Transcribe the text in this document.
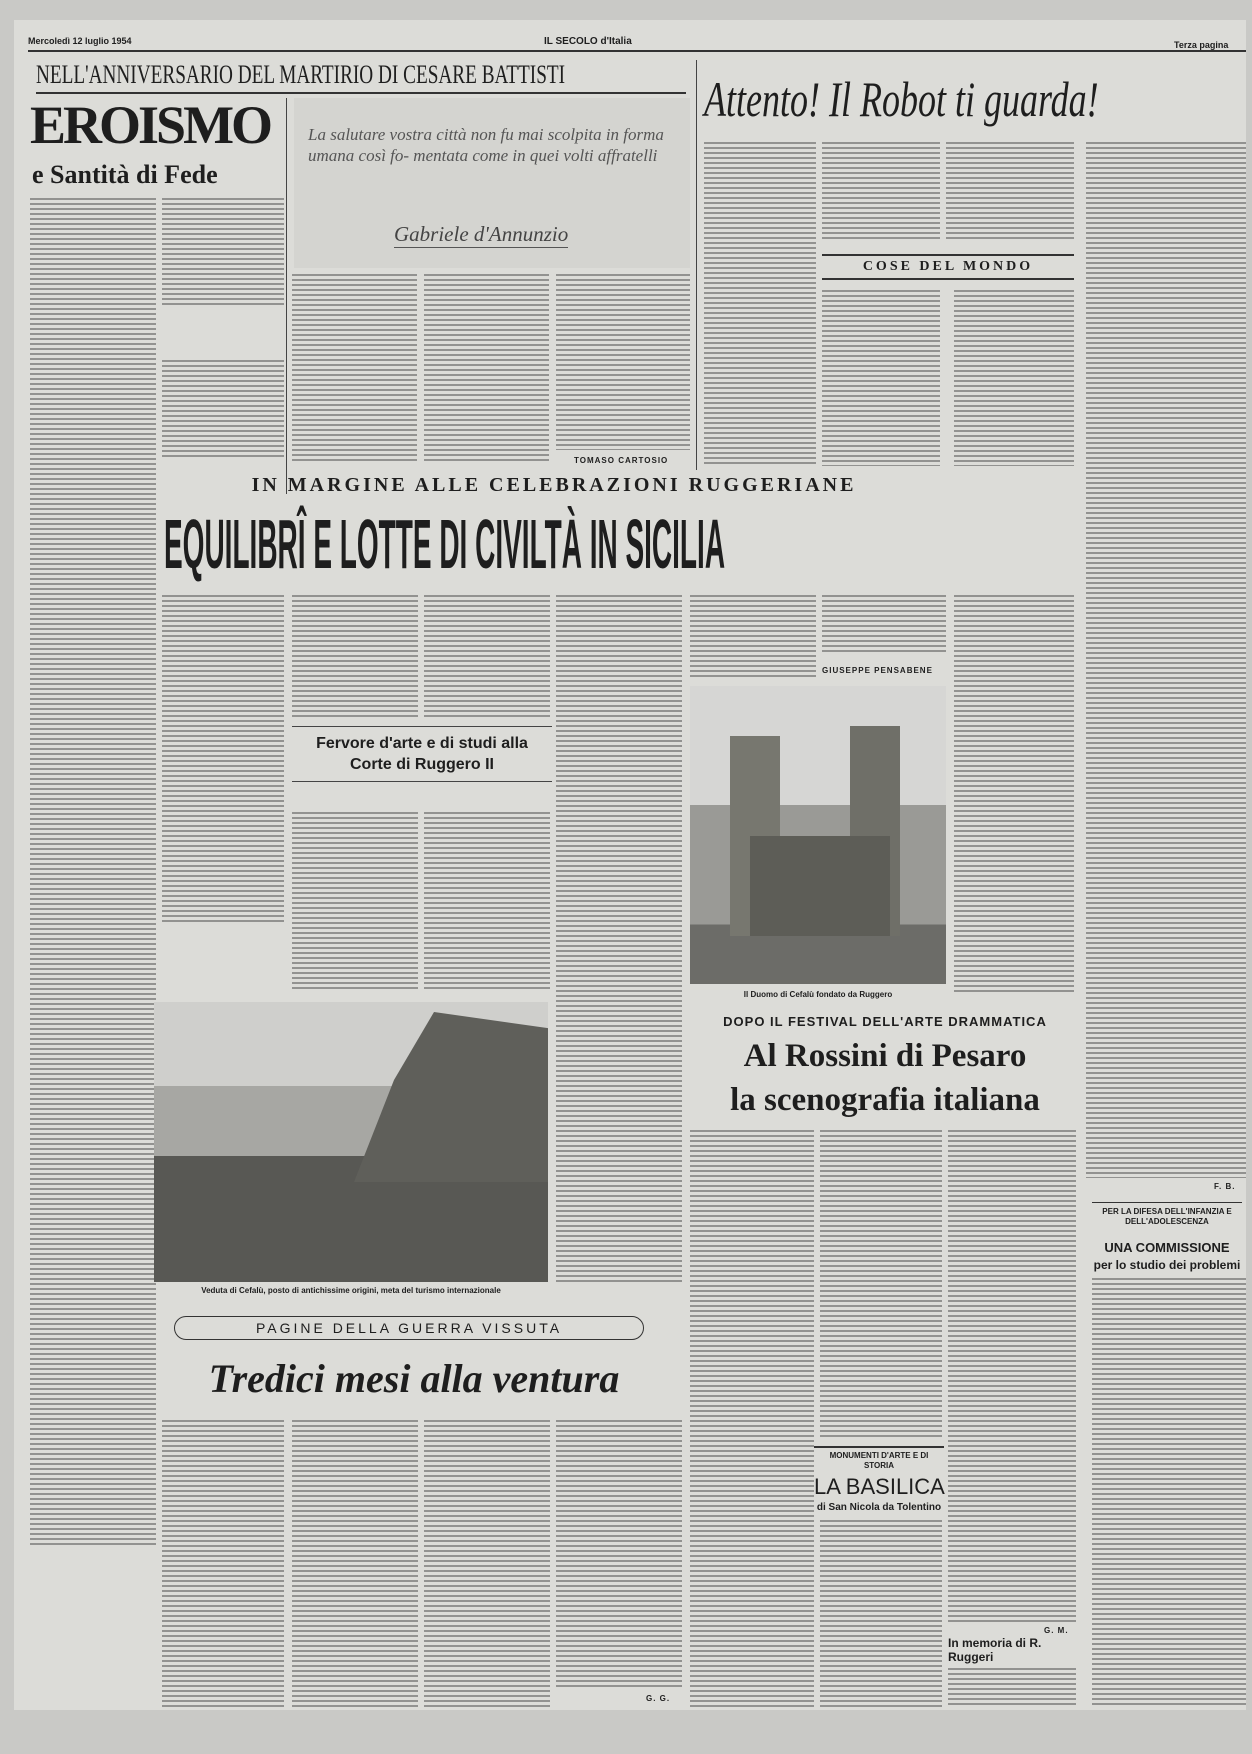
Mercoledì 12 luglio 1954	IL SECOLO d'Italia	Terza pagina
NELL'ANNIVERSARIO DEL MARTIRIO DI CESARE BATTISTI
EROISMO
e Santità di Fede
La salutare vostra città non fu mai scolpita in forma umana così fo- mentata come in quei volti affratelli
Gabriele d'Annunzio
TOMASO CARTOSIO
Attento! Il Robot ti guarda!
COSE DEL MONDO
F. B.
IN MARGINE ALLE CELEBRAZIONI RUGGERIANE
EQUILIBRÎ E LOTTE DI CIVILTÀ IN SICILIA
Fervore d'arte e di studi alla Corte di Ruggero II
GIUSEPPE PENSABENE
Il Duomo di Cefalù fondato da Ruggero
Veduta di Cefalù, posto di antichissime origini, meta del turismo internazionale
DOPO IL FESTIVAL DELL'ARTE DRAMMATICA
Al Rossini di Pesaro
la scenografia italiana
G. M.
MONUMENTI D'ARTE E DI STORIA
LA BASILICA
di San Nicola da Tolentino
In memoria di R. Ruggeri
PER LA DIFESA DELL'INFANZIA E DELL'ADOLESCENZA
UNA COMMISSIONE
per lo studio dei problemi
PAGINE DELLA GUERRA VISSUTA
Tredici mesi alla ventura
G. G.
